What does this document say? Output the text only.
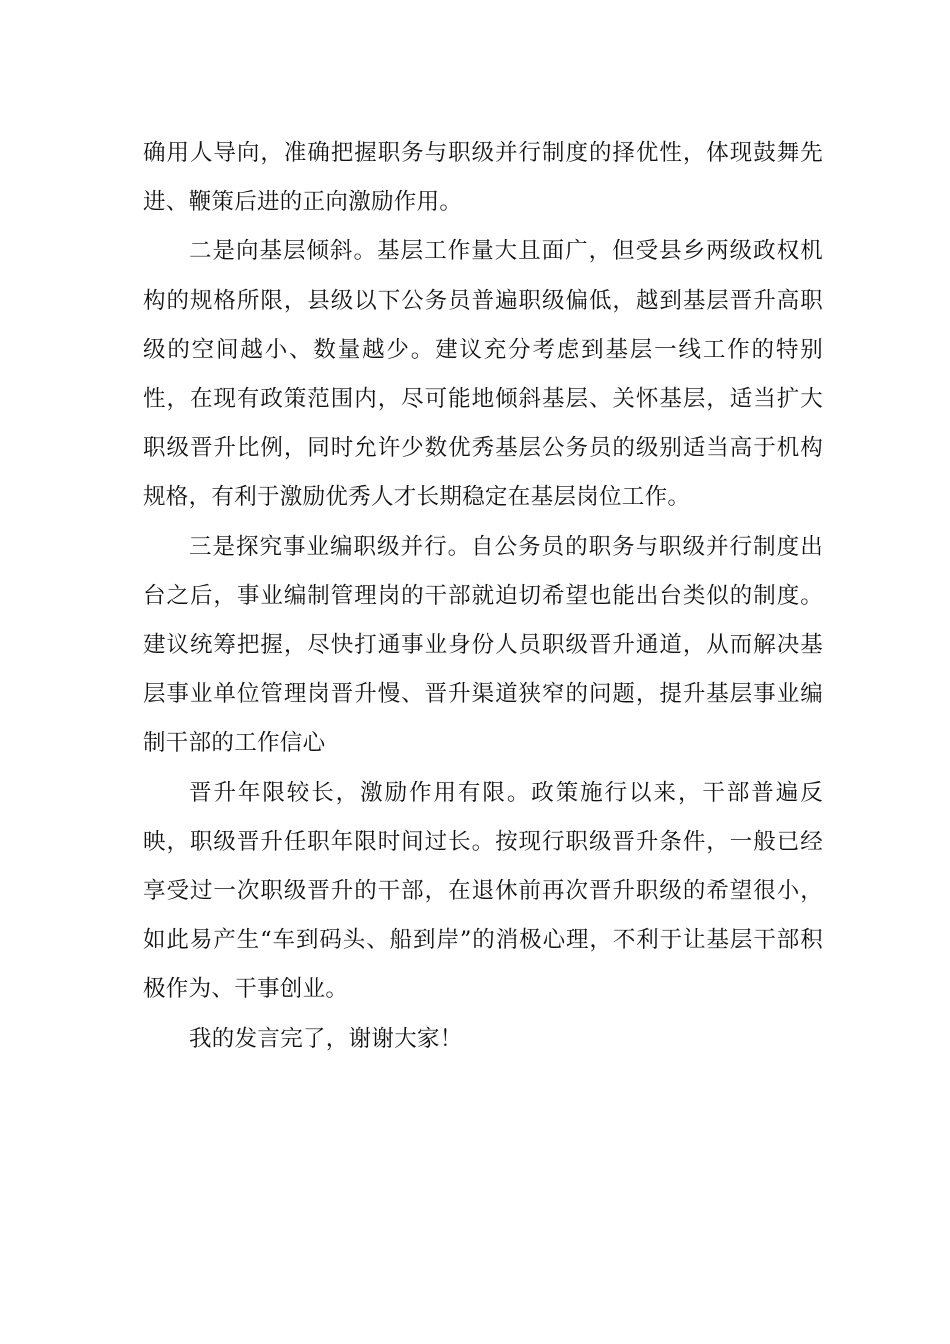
确用人导向，准确把握职务与职级并行制度的择优性，体现鼓舞先进、鞭策后进的正向激励作用。

二是向基层倾斜。基层工作量大且面广，但受县乡两级政权机构的规格所限，县级以下公务员普遍职级偏低，越到基层晋升高职级的空间越小、数量越少。建议充分考虑到基层一线工作的特别性，在现有政策范围内，尽可能地倾斜基层、关怀基层，适当扩大职级晋升比例，同时允许少数优秀基层公务员的级别适当高于机构规格，有利于激励优秀人才长期稳定在基层岗位工作。

三是探究事业编职级并行。自公务员的职务与职级并行制度出台之后，事业编制管理岗的干部就迫切希望也能出台类似的制度。建议统筹把握，尽快打通事业身份人员职级晋升通道，从而解决基层事业单位管理岗晋升慢、晋升渠道狭窄的问题，提升基层事业编制干部的工作信心

晋升年限较长，激励作用有限。政策施行以来，干部普遍反映，职级晋升任职年限时间过长。按现行职级晋升条件，一般已经享受过一次职级晋升的干部，在退休前再次晋升职级的希望很小，如此易产生“车到码头、船到岸”的消极心理，不利于让基层干部积极作为、干事创业。

我的发言完了，谢谢大家！
